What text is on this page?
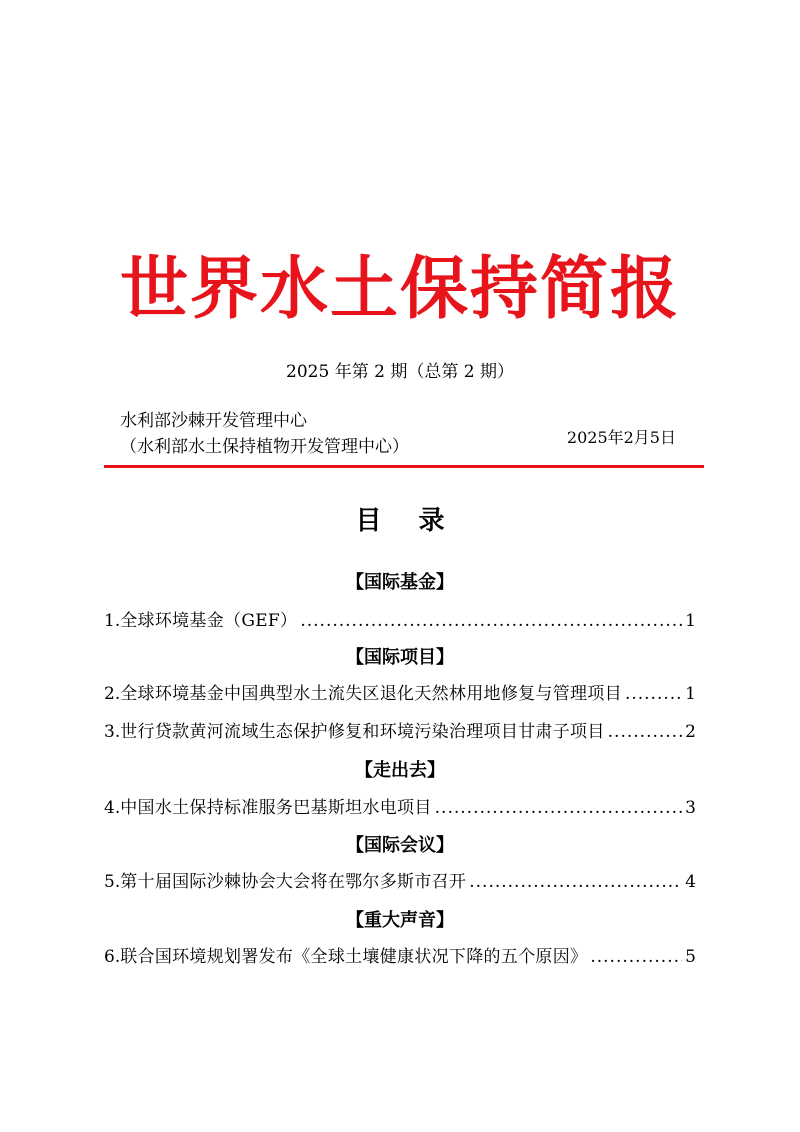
世界水土保持简报
2025 年第 2 期（总第 2 期）
水利部沙棘开发管理中心
（水利部水土保持植物开发管理中心）	2025年2月5日
目 录
【国际基金】
1. 全球环境基金（GEF） .....	1
【国际项目】
2. 全球环境基金中国典型水土流失区退化天然林用地修复与管理项目 .....	1
3. 世行贷款黄河流域生态保护修复和环境污染治理项目甘肃子项目 .....	2
【走出去】
4. 中国水土保持标准服务巴基斯坦水电项目 .....	3
【国际会议】
5. 第十届国际沙棘协会大会将在鄂尔多斯市召开 .....	4
【重大声音】
6. 联合国环境规划署发布《全球土壤健康状况下降的五个原因》 .....	5
